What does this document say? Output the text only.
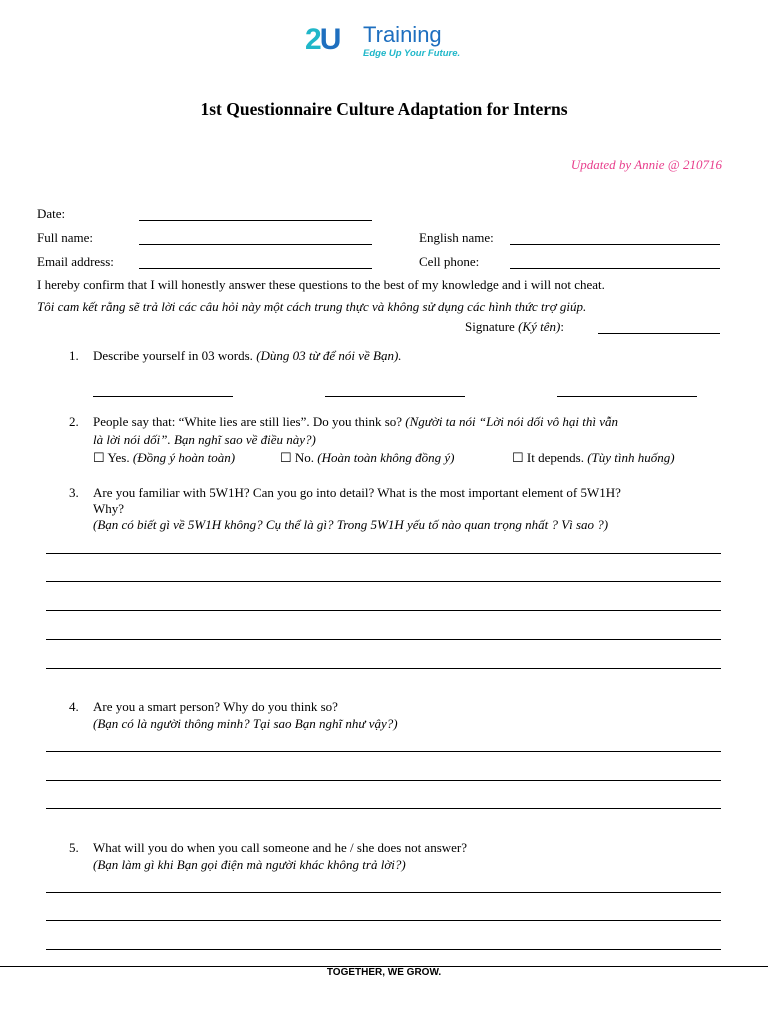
2U Training
Edge Up Your Future.
1st Questionnaire Culture Adaptation for Interns
Updated by Annie @ 210716
Date:
Full name:	English name:
Email address:	Cell phone:
I hereby confirm that I will honestly answer these questions to the best of my knowledge and i will not cheat.
Tôi cam kết rằng sẽ trả lời các câu hỏi này một cách trung thực và không sử dụng các hình thức trợ giúp.
Signature (Ký tên):
1. Describe yourself in 03 words. (Dùng 03 từ để nói về Bạn).
2. People say that: “White lies are still lies”. Do you think so? (Người ta nói “Lời nói dối vô hại thì vẫn
là lời nói dối”. Bạn nghĩ sao về điều này?)
☐ Yes. (Đồng ý hoàn toàn)	☐ No. (Hoàn toàn không đồng ý)	☐ It depends. (Tùy tình huống)
3. Are you familiar with 5W1H? Can you go into detail? What is the most important element of 5W1H?
Why?
(Bạn có biết gì về 5W1H không? Cụ thể là gì? Trong 5W1H yếu tố nào quan trọng nhất ? Vì sao ?)
4. Are you a smart person? Why do you think so?
(Bạn có là người thông minh? Tại sao Bạn nghĩ như vậy?)
5. What will you do when you call someone and he / she does not answer?
(Bạn làm gì khi Bạn gọi điện mà người khác không trả lời?)
TOGETHER, WE GROW.
